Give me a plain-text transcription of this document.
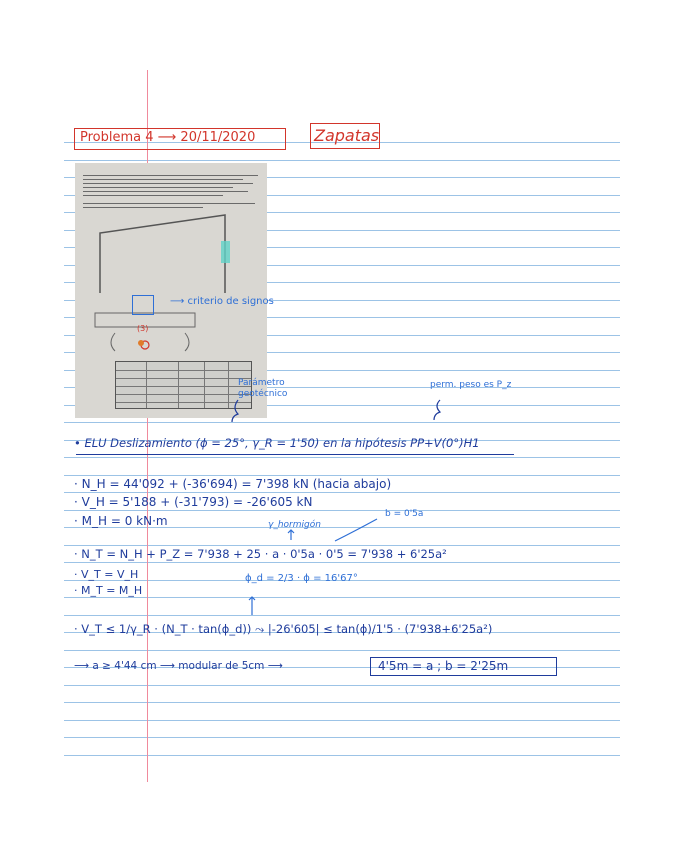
Problema 4 ⟶ 20/11/2020	Zapatas
(3)
⟶ criterio de signos
Parámetro geotécnico
perm. peso es P_z
• ELU Deslizamiento (ϕ = 25°, γ_R = 1'50) en la hipótesis PP+V(0°)H1
· N_H = 44'092 + (-36'694) = 7'398 kN (hacia abajo)
· V_H = 5'188 + (-31'793) = -26'605 kN
· M_H = 0 kN·m	γ_hormigón
b = 0'5a
· N_T = N_H + P_Z = 7'938 + 25 · a · 0'5a · 0'5 = 7'938 + 6'25a²
· V_T = V_H
· M_T = M_H
ϕ_d = 2/3 · ϕ = 16'67°
· V_T ≤ 1/γ_R · (N_T · tan(ϕ_d)) ⤳ |-26'605| ≤ tan(ϕ)/1'5 · (7'938+6'25a²)
⟶ a ≥ 4'44 cm ⟶ modular de 5cm ⟶	4'5m = a ; b = 2'25m
